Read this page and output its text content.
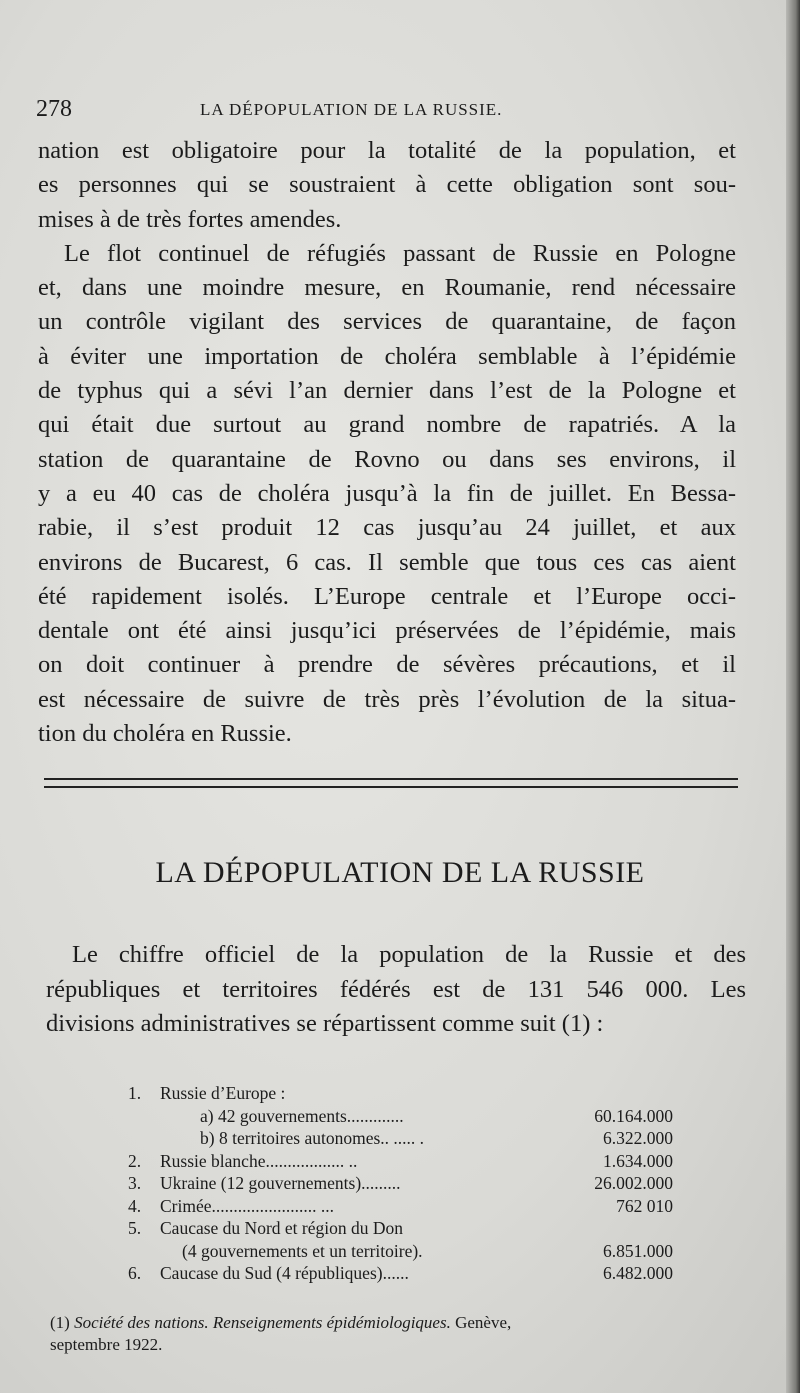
278	LA DÉPOPULATION DE LA RUSSIE.

nation est obligatoire pour la totalité de la population, et
es personnes qui se soustraient à cette obligation sont sou-
mises à de très fortes amendes.
Le flot continuel de réfugiés passant de Russie en Pologne
et, dans une moindre mesure, en Roumanie, rend nécessaire
un contrôle vigilant des services de quarantaine, de façon
à éviter une importation de choléra semblable à l’épidémie
de typhus qui a sévi l’an dernier dans l’est de la Pologne et
qui était due surtout au grand nombre de rapatriés. A la
station de quarantaine de Rovno ou dans ses environs, il
y a eu 40 cas de choléra jusqu’à la fin de juillet. En Bessa-
rabie, il s’est produit 12 cas jusqu’au 24 juillet, et aux
environs de Bucarest, 6 cas. Il semble que tous ces cas aient
été rapidement isolés. L’Europe centrale et l’Europe occi-
dentale ont été ainsi jusqu’ici préservées de l’épidémie, mais
on doit continuer à prendre de sévères précautions, et il
est nécessaire de suivre de très près l’évolution de la situa-
tion du choléra en Russie.

LA DÉPOPULATION DE LA RUSSIE

Le chiffre officiel de la population de la Russie et des
républiques et territoires fédérés est de 131 546 000. Les
divisions administratives se répartissent comme suit (1) :

1.	Russie d’Europe :
a) 42 gouvernements.............	60.164.000
b) 8 territoires autonomes.. ..... .	6.322.000
2.	Russie blanche.................. ..	1.634.000
3.	Ukraine (12 gouvernements).........	26.002.000
4.	Crimée........................ ...	762 010
5.	Caucase du Nord et région du Don
(4 gouvernements et un territoire).	6.851.000
6.	Caucase du Sud (4 républiques)......	6.482.000

(1) Société des nations. Renseignements épidémiologiques. Genève,
septembre 1922.
